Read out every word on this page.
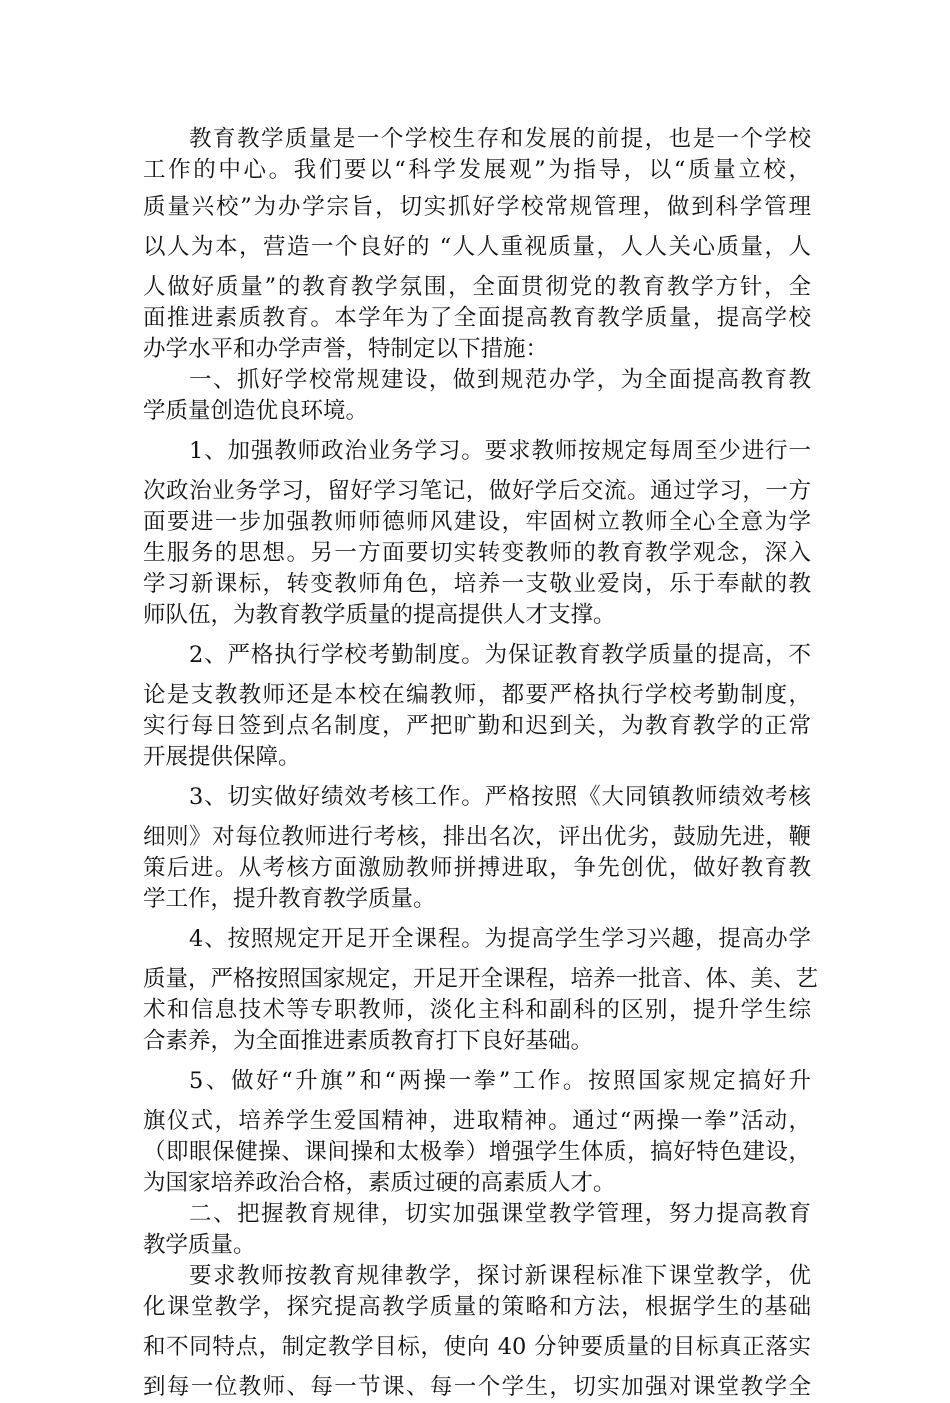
教育教学质量是一个学校生存和发展的前提，也是一个学校
工作的中心。我们要以“科学发展观”为指导，以“质量立校，
质量兴校”为办学宗旨，切实抓好学校常规管理，做到科学管理
以人为本，营造一个良好的 “人人重视质量，人人关心质量，人
人做好质量”的教育教学氛围，全面贯彻党的教育教学方针，全
面推进素质教育。本学年为了全面提高教育教学质量，提高学校
办学水平和办学声誉，特制定以下措施：
一、抓好学校常规建设，做到规范办学，为全面提高教育教
学质量创造优良环境。
1、加强教师政治业务学习。要求教师按规定每周至少进行一
次政治业务学习，留好学习笔记，做好学后交流。通过学习，一方
面要进一步加强教师师德师风建设，牢固树立教师全心全意为学
生服务的思想。另一方面要切实转变教师的教育教学观念，深入
学习新课标，转变教师角色，培养一支敬业爱岗，乐于奉献的教
师队伍，为教育教学质量的提高提供人才支撑。
2、严格执行学校考勤制度。为保证教育教学质量的提高，不
论是支教教师还是本校在编教师，都要严格执行学校考勤制度，
实行每日签到点名制度，严把旷勤和迟到关，为教育教学的正常
开展提供保障。
3、切实做好绩效考核工作。严格按照《大同镇教师绩效考核
细则》对每位教师进行考核，排出名次，评出优劣，鼓励先进，鞭
策后进。从考核方面激励教师拼搏进取，争先创优，做好教育教
学工作，提升教育教学质量。
4、按照规定开足开全课程。为提高学生学习兴趣，提高办学
质量，严格按照国家规定，开足开全课程，培养一批音、体、美、艺
术和信息技术等专职教师，淡化主科和副科的区别，提升学生综
合素养，为全面推进素质教育打下良好基础。
5、做好“升旗”和“两操一拳”工作。按照国家规定搞好升
旗仪式，培养学生爱国精神，进取精神。通过“两操一拳”活动，
（即眼保健操、课间操和太极拳）增强学生体质，搞好特色建设，
为国家培养政治合格，素质过硬的高素质人才。
二、把握教育规律，切实加强课堂教学管理，努力提高教育
教学质量。
要求教师按教育规律教学，探讨新课程标准下课堂教学，优
化课堂教学，探究提高教学质量的策略和方法，根据学生的基础
和不同特点，制定教学目标，使向 40 分钟要质量的目标真正落实
到每一位教师、每一节课、每一个学生，切实加强对课堂教学全
